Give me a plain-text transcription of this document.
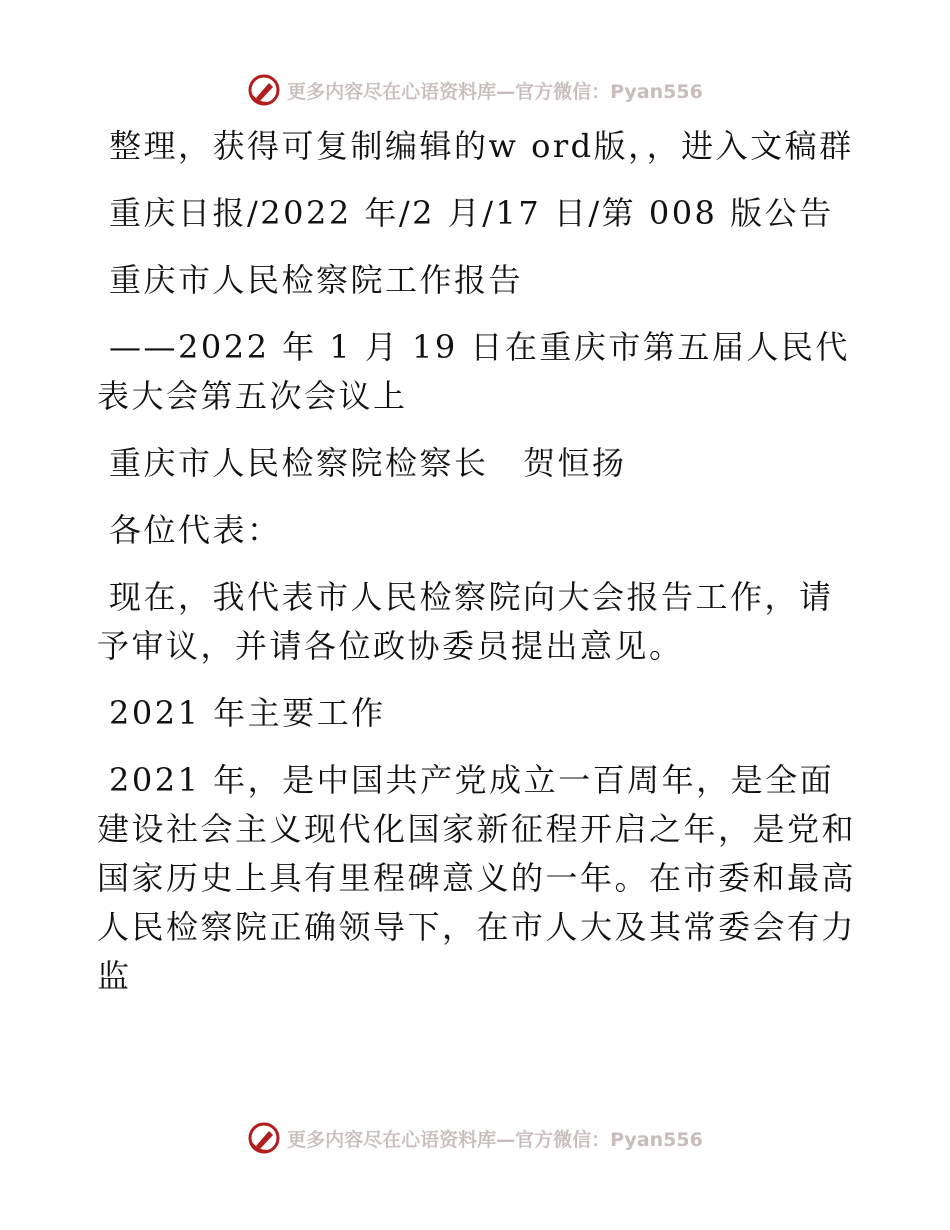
更多内容尽在心语资料库—官方微信：Pyan556

整理，获得可复制编辑的w ord版，，进入文稿群

重庆日报/2022 年/2 月/17 日/第 008 版公告

重庆市人民检察院工作报告

——2022 年 1 月 19 日在重庆市第五届人民代表大会第五次会议上

重庆市人民检察院检察长　贺恒扬

各位代表：

现在，我代表市人民检察院向大会报告工作，请予审议，并请各位政协委员提出意见。

2021 年主要工作

2021 年，是中国共产党成立一百周年，是全面建设社会主义现代化国家新征程开启之年，是党和国家历史上具有里程碑意义的一年。在市委和最高人民检察院正确领导下，在市人大及其常委会有力监

更多内容尽在心语资料库—官方微信：Pyan556
